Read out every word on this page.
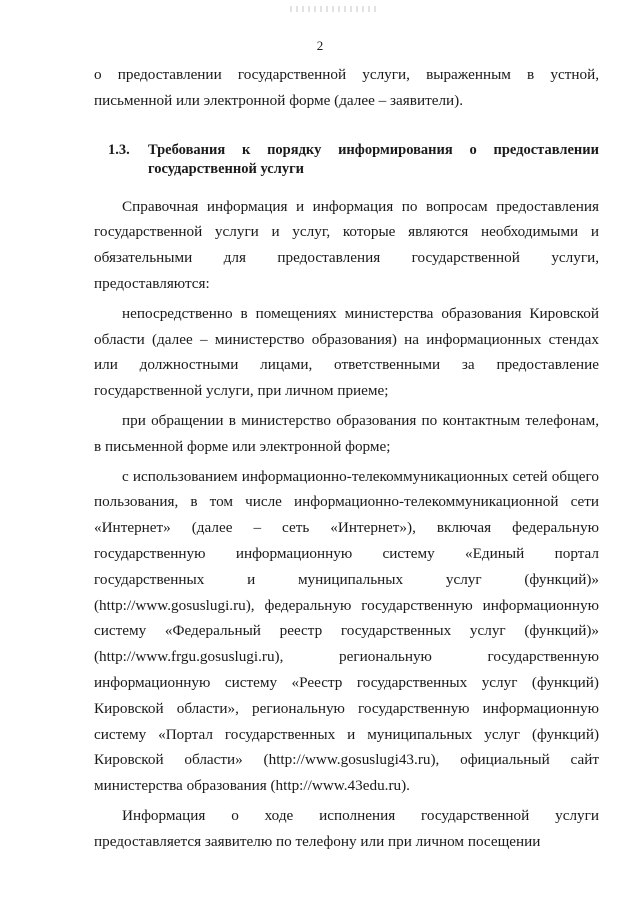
2

о предоставлении государственной услуги, выраженным в устной, письменной или электронной форме (далее – заявители).

1.3.	Требования к порядку информирования о предоставлении государственной услуги

Справочная информация и информация по вопросам предоставления государственной услуги и услуг, которые являются необходимыми и обязательными для предоставления государственной услуги, предоставляются:

непосредственно в помещениях министерства образования Кировской области (далее – министерство образования) на информационных стендах или должностными лицами, ответственными за предоставление государственной услуги, при личном приеме;

при обращении в министерство образования по контактным телефонам, в письменной форме или электронной форме;

с использованием информационно-телекоммуникационных сетей общего пользования, в том числе информационно-телекоммуникационной сети «Интернет» (далее – сеть «Интернет»), включая федеральную государственную информационную систему «Единый портал государственных и муниципальных услуг (функций)» (http://www.gosuslugi.ru), федеральную государственную информационную систему «Федеральный реестр государственных услуг (функций)» (http://www.frgu.gosuslugi.ru), региональную государственную информационную систему «Реестр государственных услуг (функций) Кировской области», региональную государственную информационную систему «Портал государственных и муниципальных услуг (функций) Кировской области» (http://www.gosuslugi43.ru), официальный сайт министерства образования (http://www.43edu.ru).

Информация о ходе исполнения государственной услуги предоставляется заявителю по телефону или при личном посещении
